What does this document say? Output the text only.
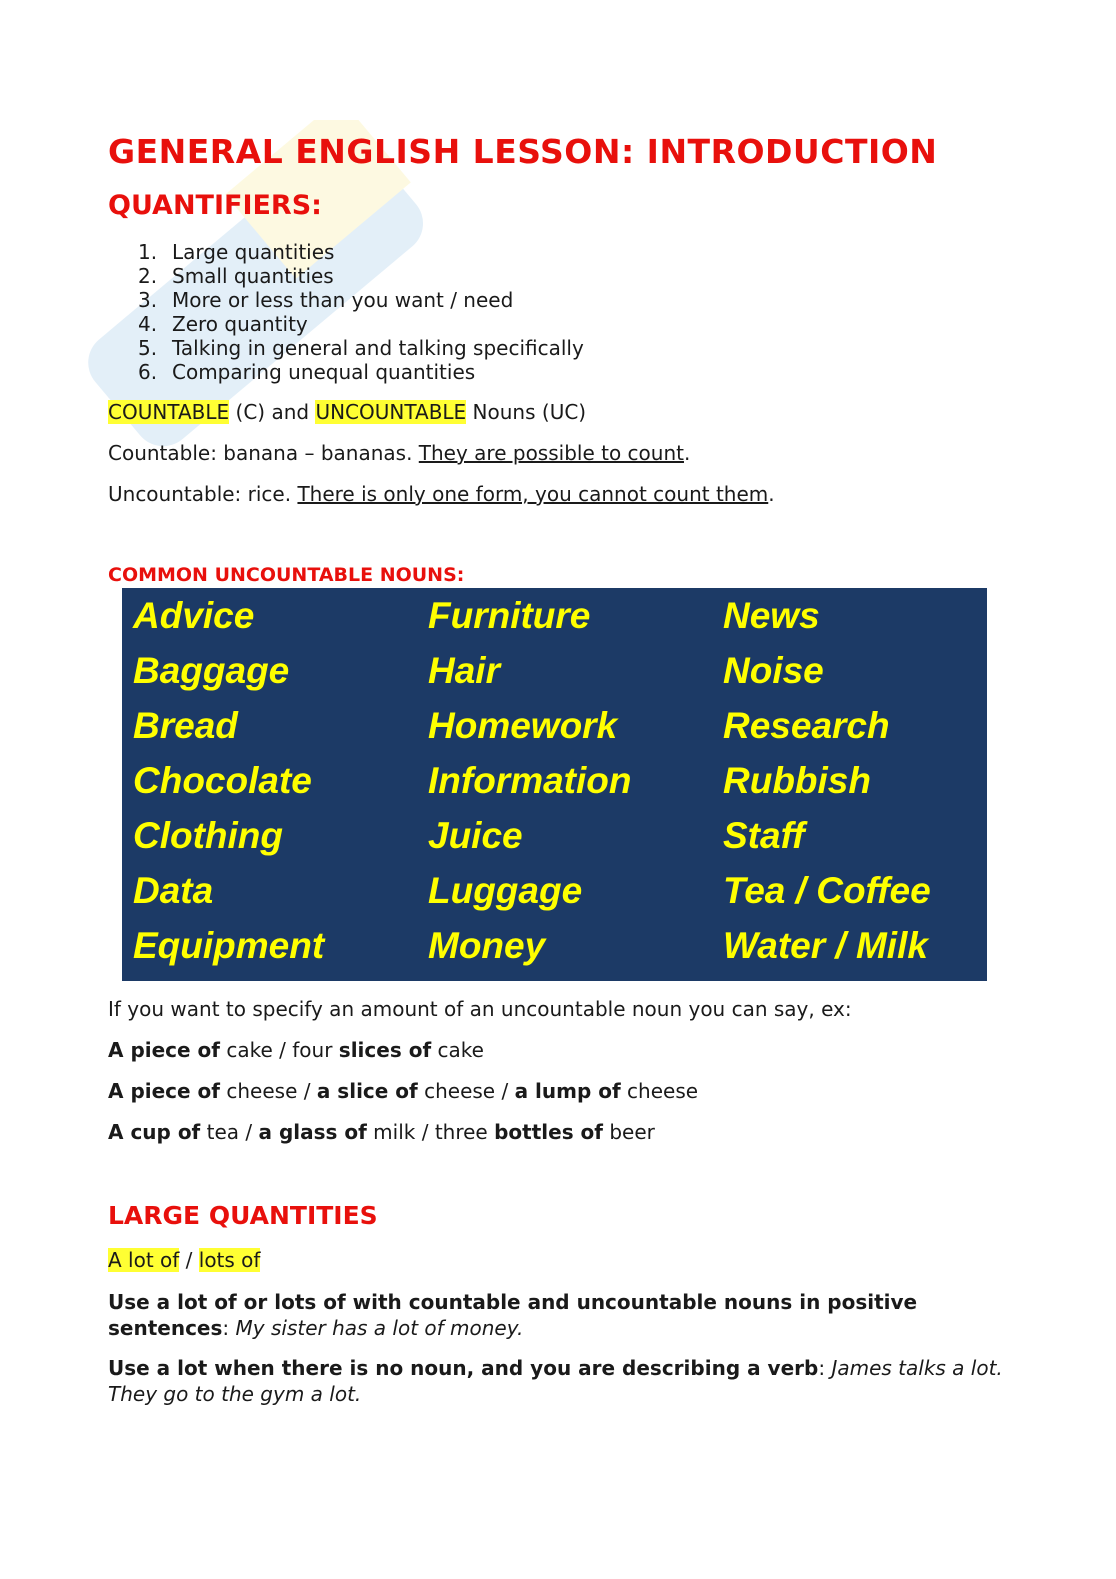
GENERAL ENGLISH LESSON: INTRODUCTION
QUANTIFIERS:
1. Large quantities
2. Small quantities
3. More or less than you want / need
4. Zero quantity
5. Talking in general and talking specifically
6. Comparing unequal quantities

COUNTABLE (C) and UNCOUNTABLE Nouns (UC)

Countable: banana – bananas. They are possible to count.

Uncountable: rice. There is only one form, you cannot count them.

COMMON UNCOUNTABLE NOUNS:

Advice
Baggage
Bread
Chocolate
Clothing
Data
Equipment
Furniture
Hair
Homework
Information
Juice
Luggage
Money
News
Noise
Research
Rubbish
Staff
Tea / Coffee
Water / Milk

If you want to specify an amount of an uncountable noun you can say, ex:

A piece of cake / four slices of cake

A piece of cheese / a slice of cheese / a lump of cheese

A cup of tea / a glass of milk / three bottles of beer

LARGE QUANTITIES

A lot of / lots of

Use a lot of or lots of with countable and uncountable nouns in positive sentences: My sister has a lot of money.

Use a lot when there is no noun, and you are describing a verb: James talks a lot. They go to the gym a lot.
